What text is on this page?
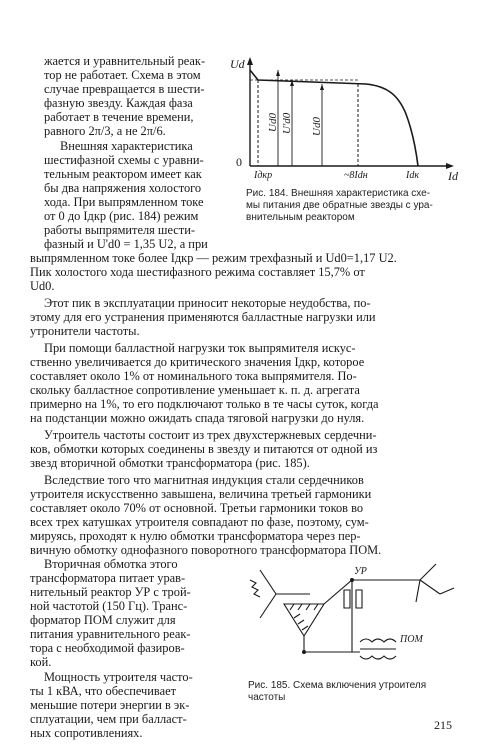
жается и уравнительный реак-
тор не работает. Схема в этом
случае превращается в шести-
фазную звезду. Каждая фаза
работает в течение времени,
равного 2π/3, а не 2π/6.
Внешняя характеристика
шестифазной схемы с уравни-
тельным реактором имеет как
бы два напряжения холостого
хода. При выпрямленном токе
от 0 до Iдкр (рис. 184) режим
работы выпрямителя шести-
фазный и U'd0 = 1,35 U2, а при
Ud
0
Id
Ud0 U'd0 Ud0
Iдкр	~8Idн	Idк
Рис. 184. Внешняя характеристика схе-
мы питания две обратные звезды с ура-
внительным реактором
выпрямленном токе более Iдкр — режим трехфазный и Ud0=1,17 U2.
Пик холостого хода шестифазного режима составляет 15,7% от
Ud0.
Этот пик в эксплуатации приносит некоторые неудобства, по-
этому для его устранения применяются балластные нагрузки или
утронители частоты.
При помощи балластной нагрузки ток выпрямителя искус-
ственно увеличивается до критического значения Iдкр, которое
составляет около 1% от номинального тока выпрямителя. По-
скольку балластное сопротивление уменьшает к. п. д. агрегата
примерно на 1%, то его подключают только в те часы суток, когда
на подстанции можно ожидать спада тяговой нагрузки до нуля.
Утроитель частоты состоит из трех двухстержневых сердечни-
ков, обмотки которых соединены в звезду и питаются от одной из
звезд вторичной обмотки трансформатора (рис. 185).
Вследствие того что магнитная индукция стали сердечников
утроителя искусственно завышена, величина третьей гармоники
составляет около 70% от основной. Третьи гармоники токов во
всех трех катушках утроителя совпадают по фазе, поэтому, сум-
мируясь, проходят к нулю обмотки трансформатора через пер-
вичную обмотку однофазного поворотного трансформатора ПОМ.
Вторичная обмотка этого
трансформатора питает урав-
нительный реактор УР с трой-
ной частотой (150 Гц). Транс-
форматор ПОМ служит для
питания уравнительного реак-
тора с необходимой фазиров-
кой.
Мощность утроителя часто-
ты 1 кВА, что обеспечивает
меньшие потери энергии в эк-
сплуатации, чем при балласт-
ных сопротивлениях.
УР
ПОМ
Рис. 185. Схема включения утроителя
частоты
215
